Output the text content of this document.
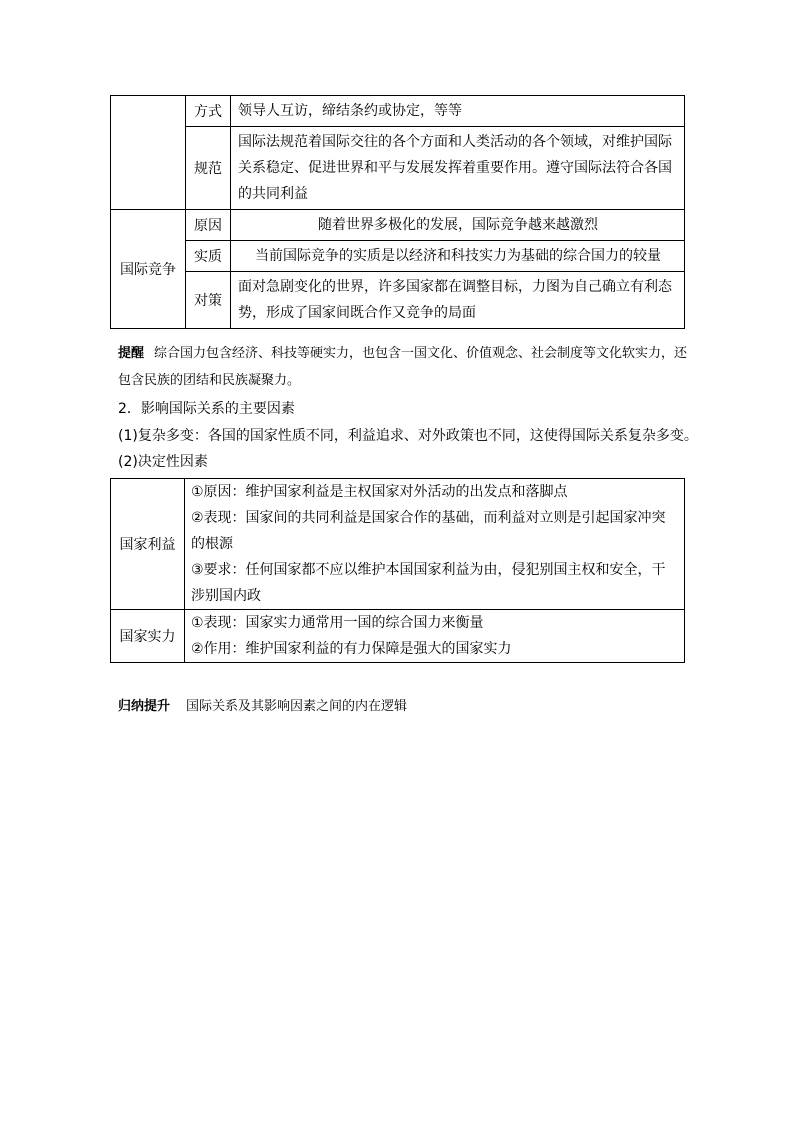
	方式	领导人互访，缔结条约或协定，等等
	规范	国际法规范着国际交往的各个方面和人类活动的各个领域，对维护国际关系稳定、促进世界和平与发展发挥着重要作用。遵守国际法符合各国的共同利益
国际竞争	原因	随着世界多极化的发展，国际竞争越来越激烈
	实质	当前国际竞争的实质是以经济和科技实力为基础的综合国力的较量
	对策	面对急剧变化的世界，许多国家都在调整目标，力图为自己确立有利态势，形成了国家间既合作又竞争的局面
提醒 综合国力包含经济、科技等硬实力，也包含一国文化、价值观念、社会制度等文化软实力，还包含民族的团结和民族凝聚力。
2．影响国际关系的主要因素
(1)复杂多变：各国的国家性质不同，利益追求、对外政策也不同，这使得国际关系复杂多变。
(2)决定性因素
国家利益	①原因：维护国家利益是主权国家对外活动的出发点和落脚点
②表现：国家间的共同利益是国家合作的基础，而利益对立则是引起国家冲突的根源
③要求：任何国家都不应以维护本国国家利益为由，侵犯别国主权和安全，干涉别国内政

国家实力	①表现：国家实力通常用一国的综合国力来衡量
②作用：维护国家利益的有力保障是强大的国家实力
归纳提升 国际关系及其影响因素之间的内在逻辑
